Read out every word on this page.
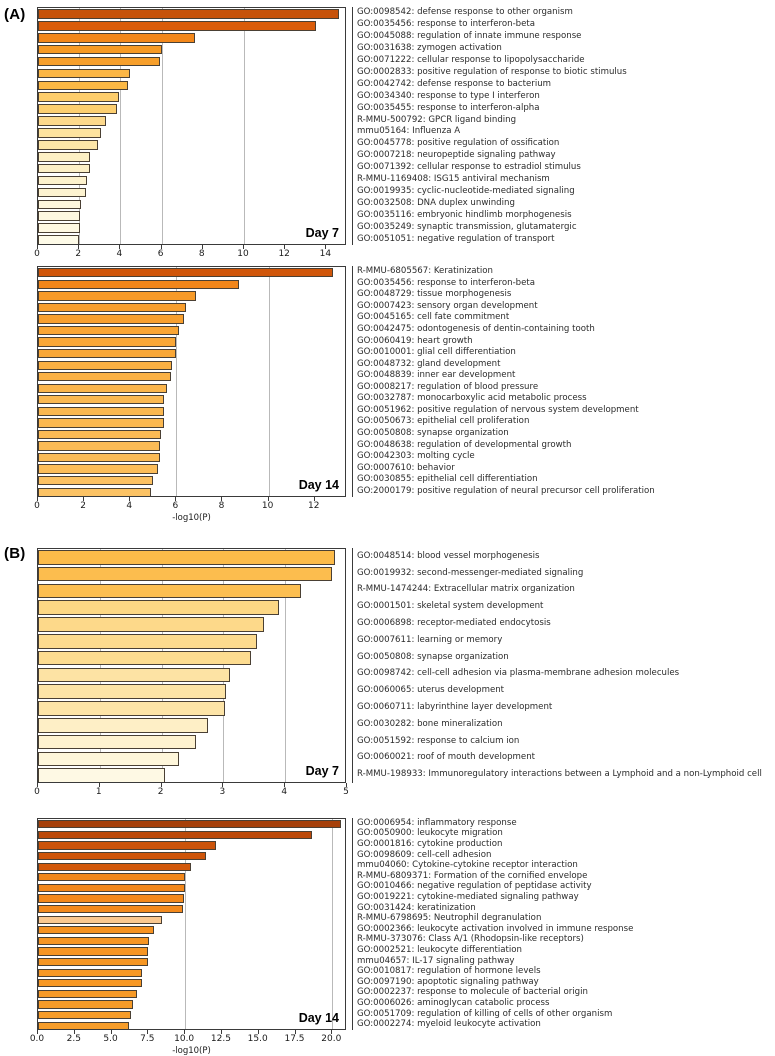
(A)
(B)
Day 7
0	2	4	6	8	10	12	14
GO:0098542: defense response to other organism
GO:0035456: response to interferon-beta
GO:0045088: regulation of innate immune response
GO:0031638: zymogen activation
GO:0071222: cellular response to lipopolysaccharide
GO:0002833: positive regulation of response to biotic stimulus
GO:0042742: defense response to bacterium
GO:0034340: response to type I interferon
GO:0035455: response to interferon-alpha
R-MMU-500792: GPCR ligand binding
mmu05164: Influenza A
GO:0045778: positive regulation of ossification
GO:0007218: neuropeptide signaling pathway
GO:0071392: cellular response to estradiol stimulus
R-MMU-1169408: ISG15 antiviral mechanism
GO:0019935: cyclic-nucleotide-mediated signaling
GO:0032508: DNA duplex unwinding
GO:0035116: embryonic hindlimb morphogenesis
GO:0035249: synaptic transmission, glutamatergic
GO:0051051: negative regulation of transport
Day 14
0	2	4	6	8	10	12
-log10(P)
R-MMU-6805567: Keratinization
GO:0035456: response to interferon-beta
GO:0048729: tissue morphogenesis
GO:0007423: sensory organ development
GO:0045165: cell fate commitment
GO:0042475: odontogenesis of dentin-containing tooth
GO:0060419: heart growth
GO:0010001: glial cell differentiation
GO:0048732: gland development
GO:0048839: inner ear development
GO:0008217: regulation of blood pressure
GO:0032787: monocarboxylic acid metabolic process
GO:0051962: positive regulation of nervous system development
GO:0050673: epithelial cell proliferation
GO:0050808: synapse organization
GO:0048638: regulation of developmental growth
GO:0042303: molting cycle
GO:0007610: behavior
GO:0030855: epithelial cell differentiation
GO:2000179: positive regulation of neural precursor cell proliferation
Day 7
0	1	2	3	4	5
GO:0048514: blood vessel morphogenesis
GO:0019932: second-messenger-mediated signaling
R-MMU-1474244: Extracellular matrix organization
GO:0001501: skeletal system development
GO:0006898: receptor-mediated endocytosis
GO:0007611: learning or memory
GO:0050808: synapse organization
GO:0098742: cell-cell adhesion via plasma-membrane adhesion molecules
GO:0060065: uterus development
GO:0060711: labyrinthine layer development
GO:0030282: bone mineralization
GO:0051592: response to calcium ion
GO:0060021: roof of mouth development
R-MMU-198933: Immunoregulatory interactions between a Lymphoid and a non-Lymphoid cell
Day 14
0.0 2.5 5.0 7.5 10.0 12.5 15.0 17.5 20.0
-log10(P)
GO:0006954: inflammatory response
GO:0050900: leukocyte migration
GO:0001816: cytokine production
GO:0098609: cell-cell adhesion
mmu04060: Cytokine-cytokine receptor interaction
R-MMU-6809371: Formation of the cornified envelope
GO:0010466: negative regulation of peptidase activity
GO:0019221: cytokine-mediated signaling pathway
GO:0031424: keratinization
R-MMU-6798695: Neutrophil degranulation
GO:0002366: leukocyte activation involved in immune response
R-MMU-373076: Class A/1 (Rhodopsin-like receptors)
GO:0002521: leukocyte differentiation
mmu04657: IL-17 signaling pathway
GO:0010817: regulation of hormone levels
GO:0097190: apoptotic signaling pathway
GO:0002237: response to molecule of bacterial origin
GO:0006026: aminoglycan catabolic process
GO:0051709: regulation of killing of cells of other organism
GO:0002274: myeloid leukocyte activation
